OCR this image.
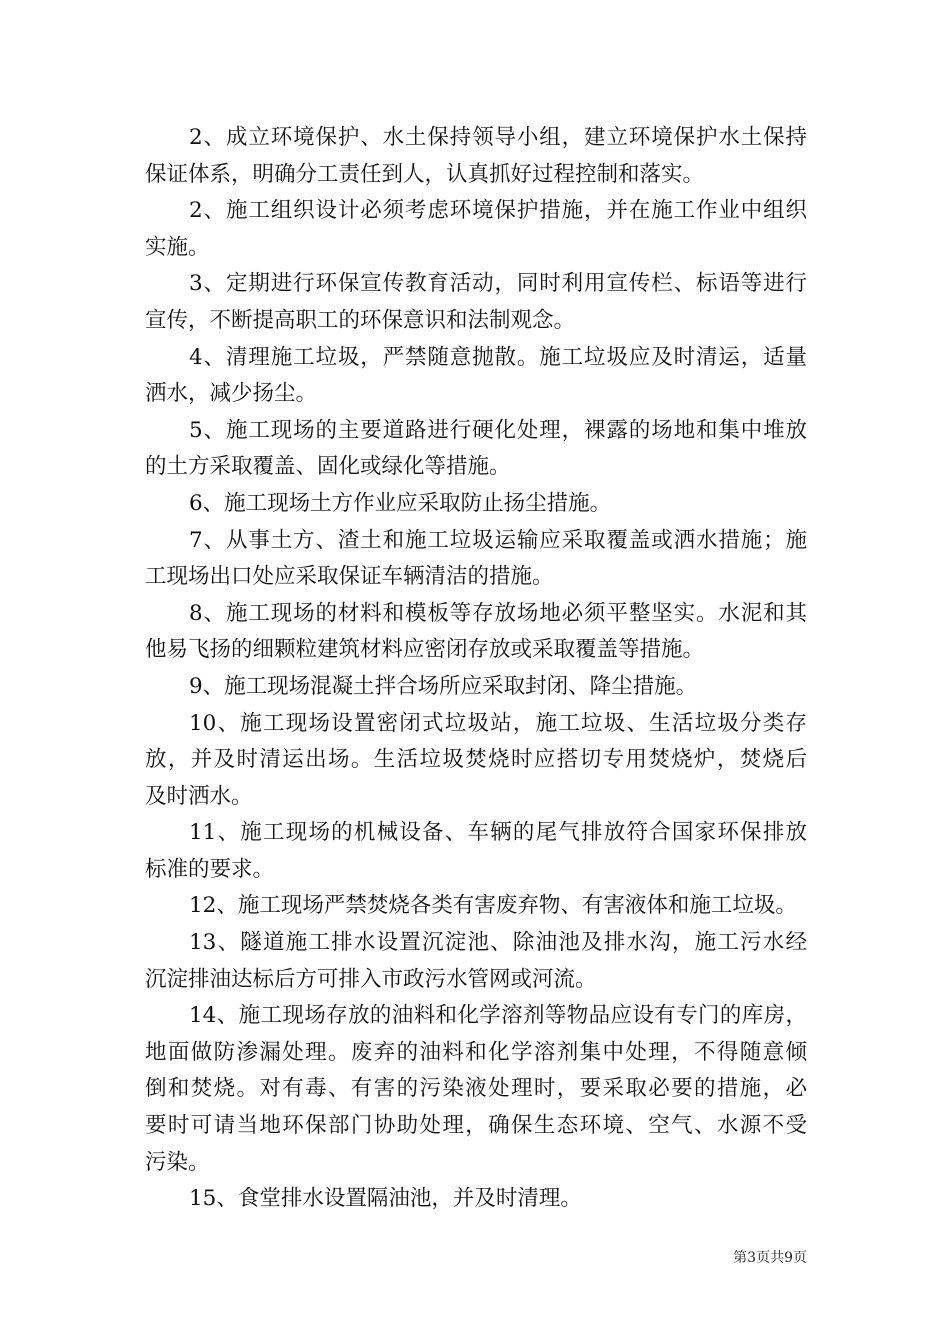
2、成立环境保护、水土保持领导小组，建立环境保护水土保持
保证体系，明确分工责任到人，认真抓好过程控制和落实。
2、施工组织设计必须考虑环境保护措施，并在施工作业中组织
实施。
3、定期进行环保宣传教育活动，同时利用宣传栏、标语等进行
宣传，不断提高职工的环保意识和法制观念。
4、清理施工垃圾，严禁随意抛散。施工垃圾应及时清运，适量
洒水，减少扬尘。
5、施工现场的主要道路进行硬化处理，裸露的场地和集中堆放
的土方采取覆盖、固化或绿化等措施。
6、施工现场土方作业应采取防止扬尘措施。
7、从事土方、渣土和施工垃圾运输应采取覆盖或洒水措施；施
工现场出口处应采取保证车辆清洁的措施。
8、施工现场的材料和模板等存放场地必须平整坚实。水泥和其
他易飞扬的细颗粒建筑材料应密闭存放或采取覆盖等措施。
9、施工现场混凝土拌合场所应采取封闭、降尘措施。
10、施工现场设置密闭式垃圾站，施工垃圾、生活垃圾分类存
放，并及时清运出场。生活垃圾焚烧时应搭切专用焚烧炉，焚烧后
及时洒水。
11、施工现场的机械设备、车辆的尾气排放符合国家环保排放
标准的要求。
12、施工现场严禁焚烧各类有害废弃物、有害液体和施工垃圾。
13、隧道施工排水设置沉淀池、除油池及排水沟，施工污水经
沉淀排油达标后方可排入市政污水管网或河流。
14、施工现场存放的油料和化学溶剂等物品应设有专门的库房，
地面做防渗漏处理。废弃的油料和化学溶剂集中处理，不得随意倾
倒和焚烧。对有毒、有害的污染液处理时，要采取必要的措施，必
要时可请当地环保部门协助处理，确保生态环境、空气、水源不受
污染。
15、食堂排水设置隔油池，并及时清理。
第3页共9页
